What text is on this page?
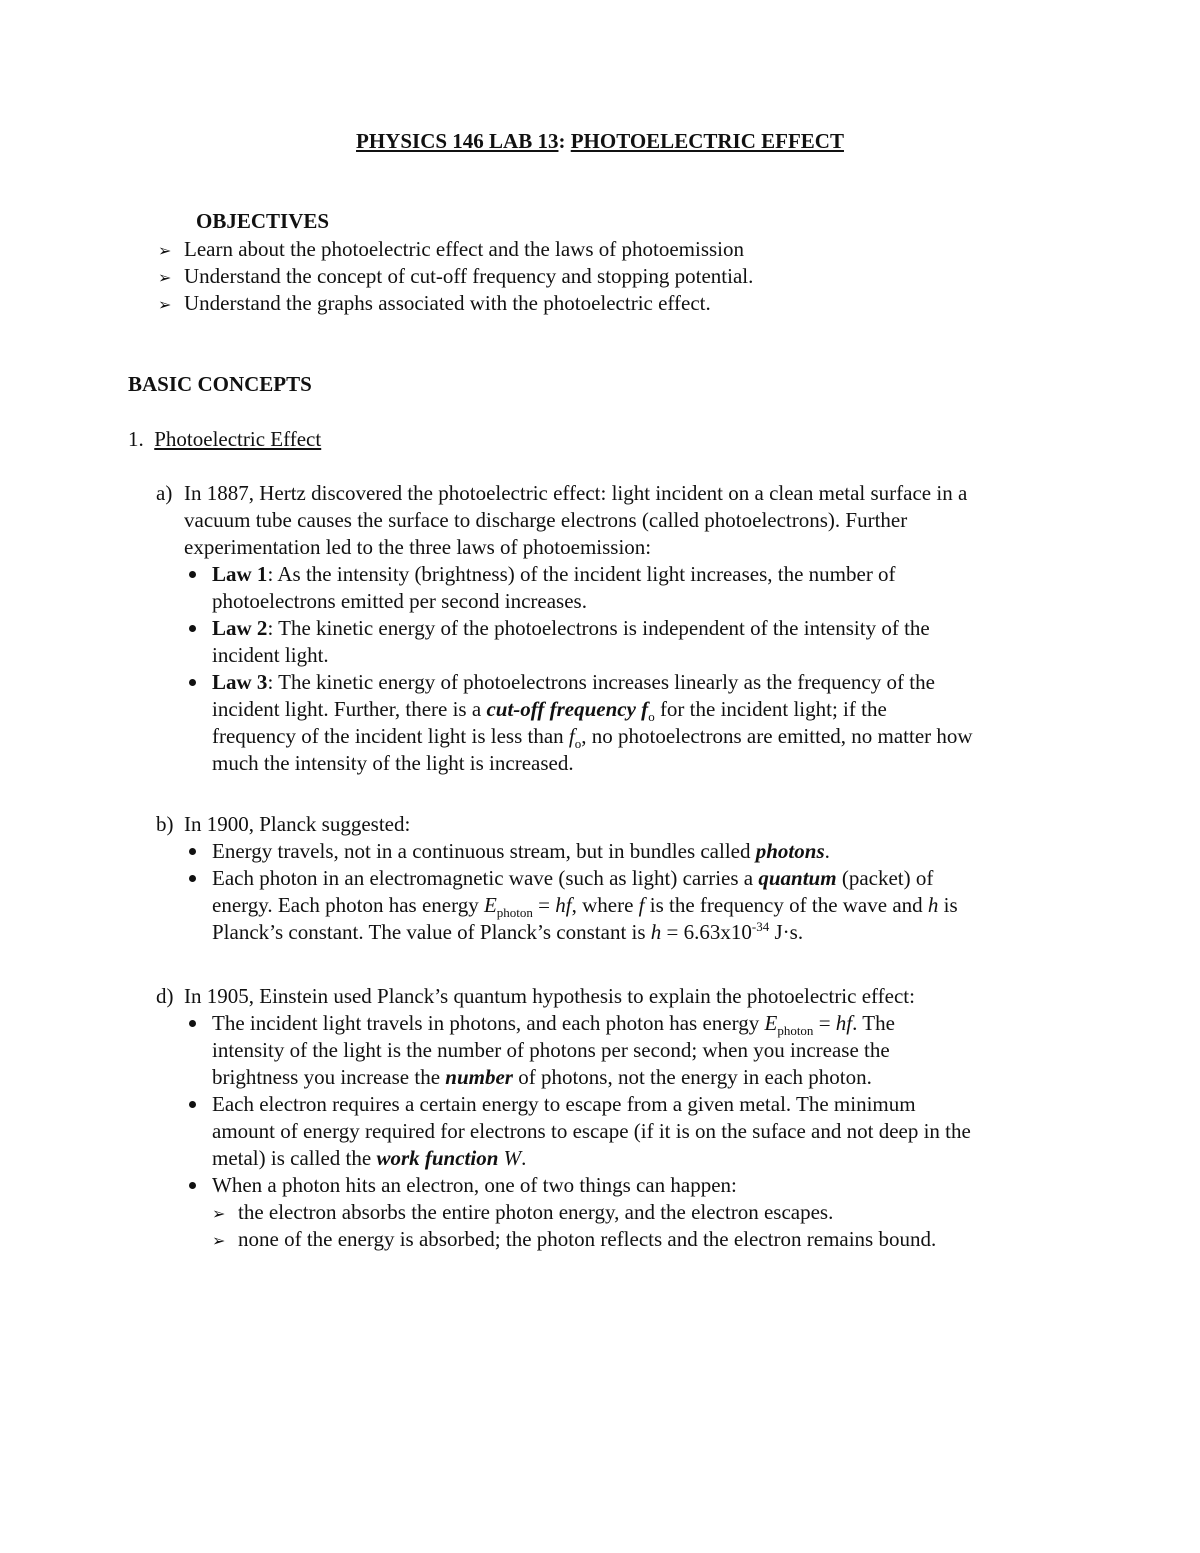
PHYSICS 146 LAB 13: PHOTOELECTRIC EFFECT
OBJECTIVES
➢ Learn about the photoelectric effect and the laws of photoemission
➢ Understand the concept of cut-off frequency and stopping potential.
➢ Understand the graphs associated with the photoelectric effect.
BASIC CONCEPTS
1. Photoelectric Effect
a) In 1887, Hertz discovered the photoelectric effect: light incident on a clean metal surface in a
vacuum tube causes the surface to discharge electrons (called photoelectrons). Further
experimentation led to the three laws of photoemission:
Law 1: As the intensity (brightness) of the incident light increases, the number of
photoelectrons emitted per second increases.
Law 2: The kinetic energy of the photoelectrons is independent of the intensity of the
incident light.
Law 3: The kinetic energy of photoelectrons increases linearly as the frequency of the
incident light. Further, there is a cut-off frequency $f_o$ for the incident light; if the
frequency of the incident light is less than $f_o$, no photoelectrons are emitted, no matter how
much the intensity of the light is increased.
b) In 1900, Planck suggested:
Energy travels, not in a continuous stream, but in bundles called photons.
Each photon in an electromagnetic wave (such as light) carries a quantum (packet) of
energy. Each photon has energy $E_{photon}$ = hf, where f is the frequency of the wave and h is
Planck’s constant. The value of Planck’s constant is $h = 6.63x10^{-34}$ J·s.
d) In 1905, Einstein used Planck’s quantum hypothesis to explain the photoelectric effect:
The incident light travels in photons, and each photon has energy $E_{photon}$ = hf. The
intensity of the light is the number of photons per second; when you increase the
brightness you increase the number of photons, not the energy in each photon.
Each electron requires a certain energy to escape from a given metal. The minimum
amount of energy required for electrons to escape (if it is on the suface and not deep in the
metal) is called the work function W.
When a photon hits an electron, one of two things can happen:
➢ the electron absorbs the entire photon energy, and the electron escapes.
➢ none of the energy is absorbed; the photon reflects and the electron remains bound.
